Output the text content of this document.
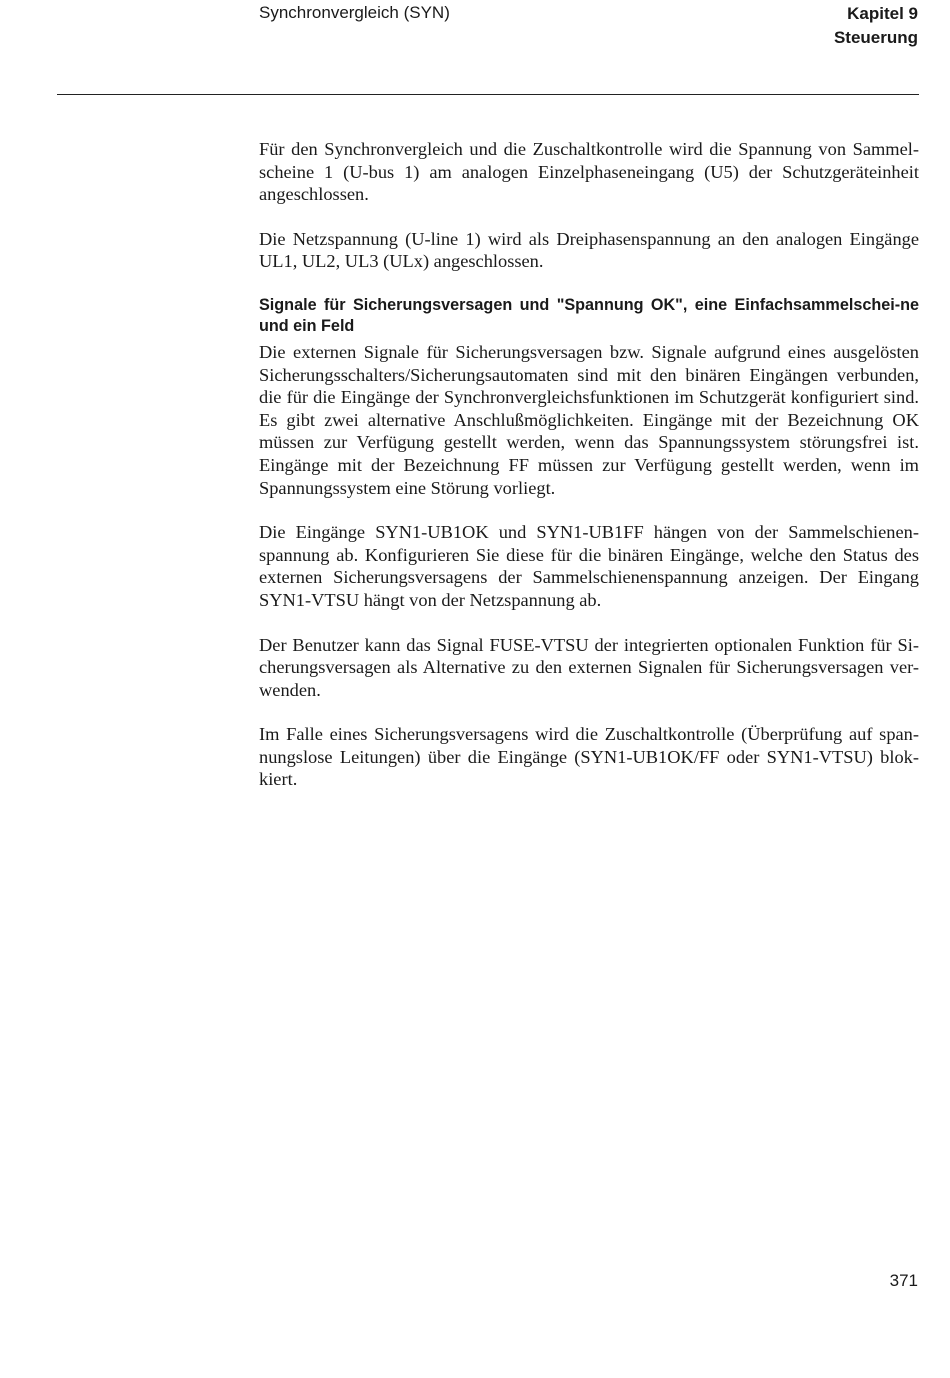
Synchronvergleich (SYN)	Kapitel 9
Steuerung

Für den Synchronvergleich und die Zuschaltkontrolle wird die Spannung von Sammel-scheine 1 (U-bus 1) am analogen Einzelphaseneingang (U5) der Schutzgeräteinheit angeschlossen.

Die Netzspannung (U-line 1) wird als Dreiphasenspannung an den analogen Eingänge UL1, UL2, UL3 (ULx) angeschlossen.

Signale für Sicherungsversagen und "Spannung OK", eine Einfachsammelschei-ne und ein Feld

Die externen Signale für Sicherungsversagen bzw. Signale aufgrund eines ausgelösten Sicherungsschalters/Sicherungsautomaten sind mit den binären Eingängen verbunden, die für die Eingänge der Synchronvergleichsfunktionen im Schutzgerät konfiguriert sind. Es gibt zwei alternative Anschlußmöglichkeiten. Eingänge mit der Bezeichnung OK müssen zur Verfügung gestellt werden, wenn das Spannungssystem störungsfrei ist. Eingänge mit der Bezeichnung FF müssen zur Verfügung gestellt werden, wenn im Spannungssystem eine Störung vorliegt.

Die Eingänge SYN1-UB1OK und SYN1-UB1FF hängen von der Sammelschienen-spannung ab. Konfigurieren Sie diese für die binären Eingänge, welche den Status des externen Sicherungsversagens der Sammelschienenspannung anzeigen. Der Eingang SYN1-VTSU hängt von der Netzspannung ab.

Der Benutzer kann das Signal FUSE-VTSU der integrierten optionalen Funktion für Si-cherungsversagen als Alternative zu den externen Signalen für Sicherungsversagen ver-wenden.

Im Falle eines Sicherungsversagens wird die Zuschaltkontrolle (Überprüfung auf span-nungslose Leitungen) über die Eingänge (SYN1-UB1OK/FF oder SYN1-VTSU) blok-kiert.

371
